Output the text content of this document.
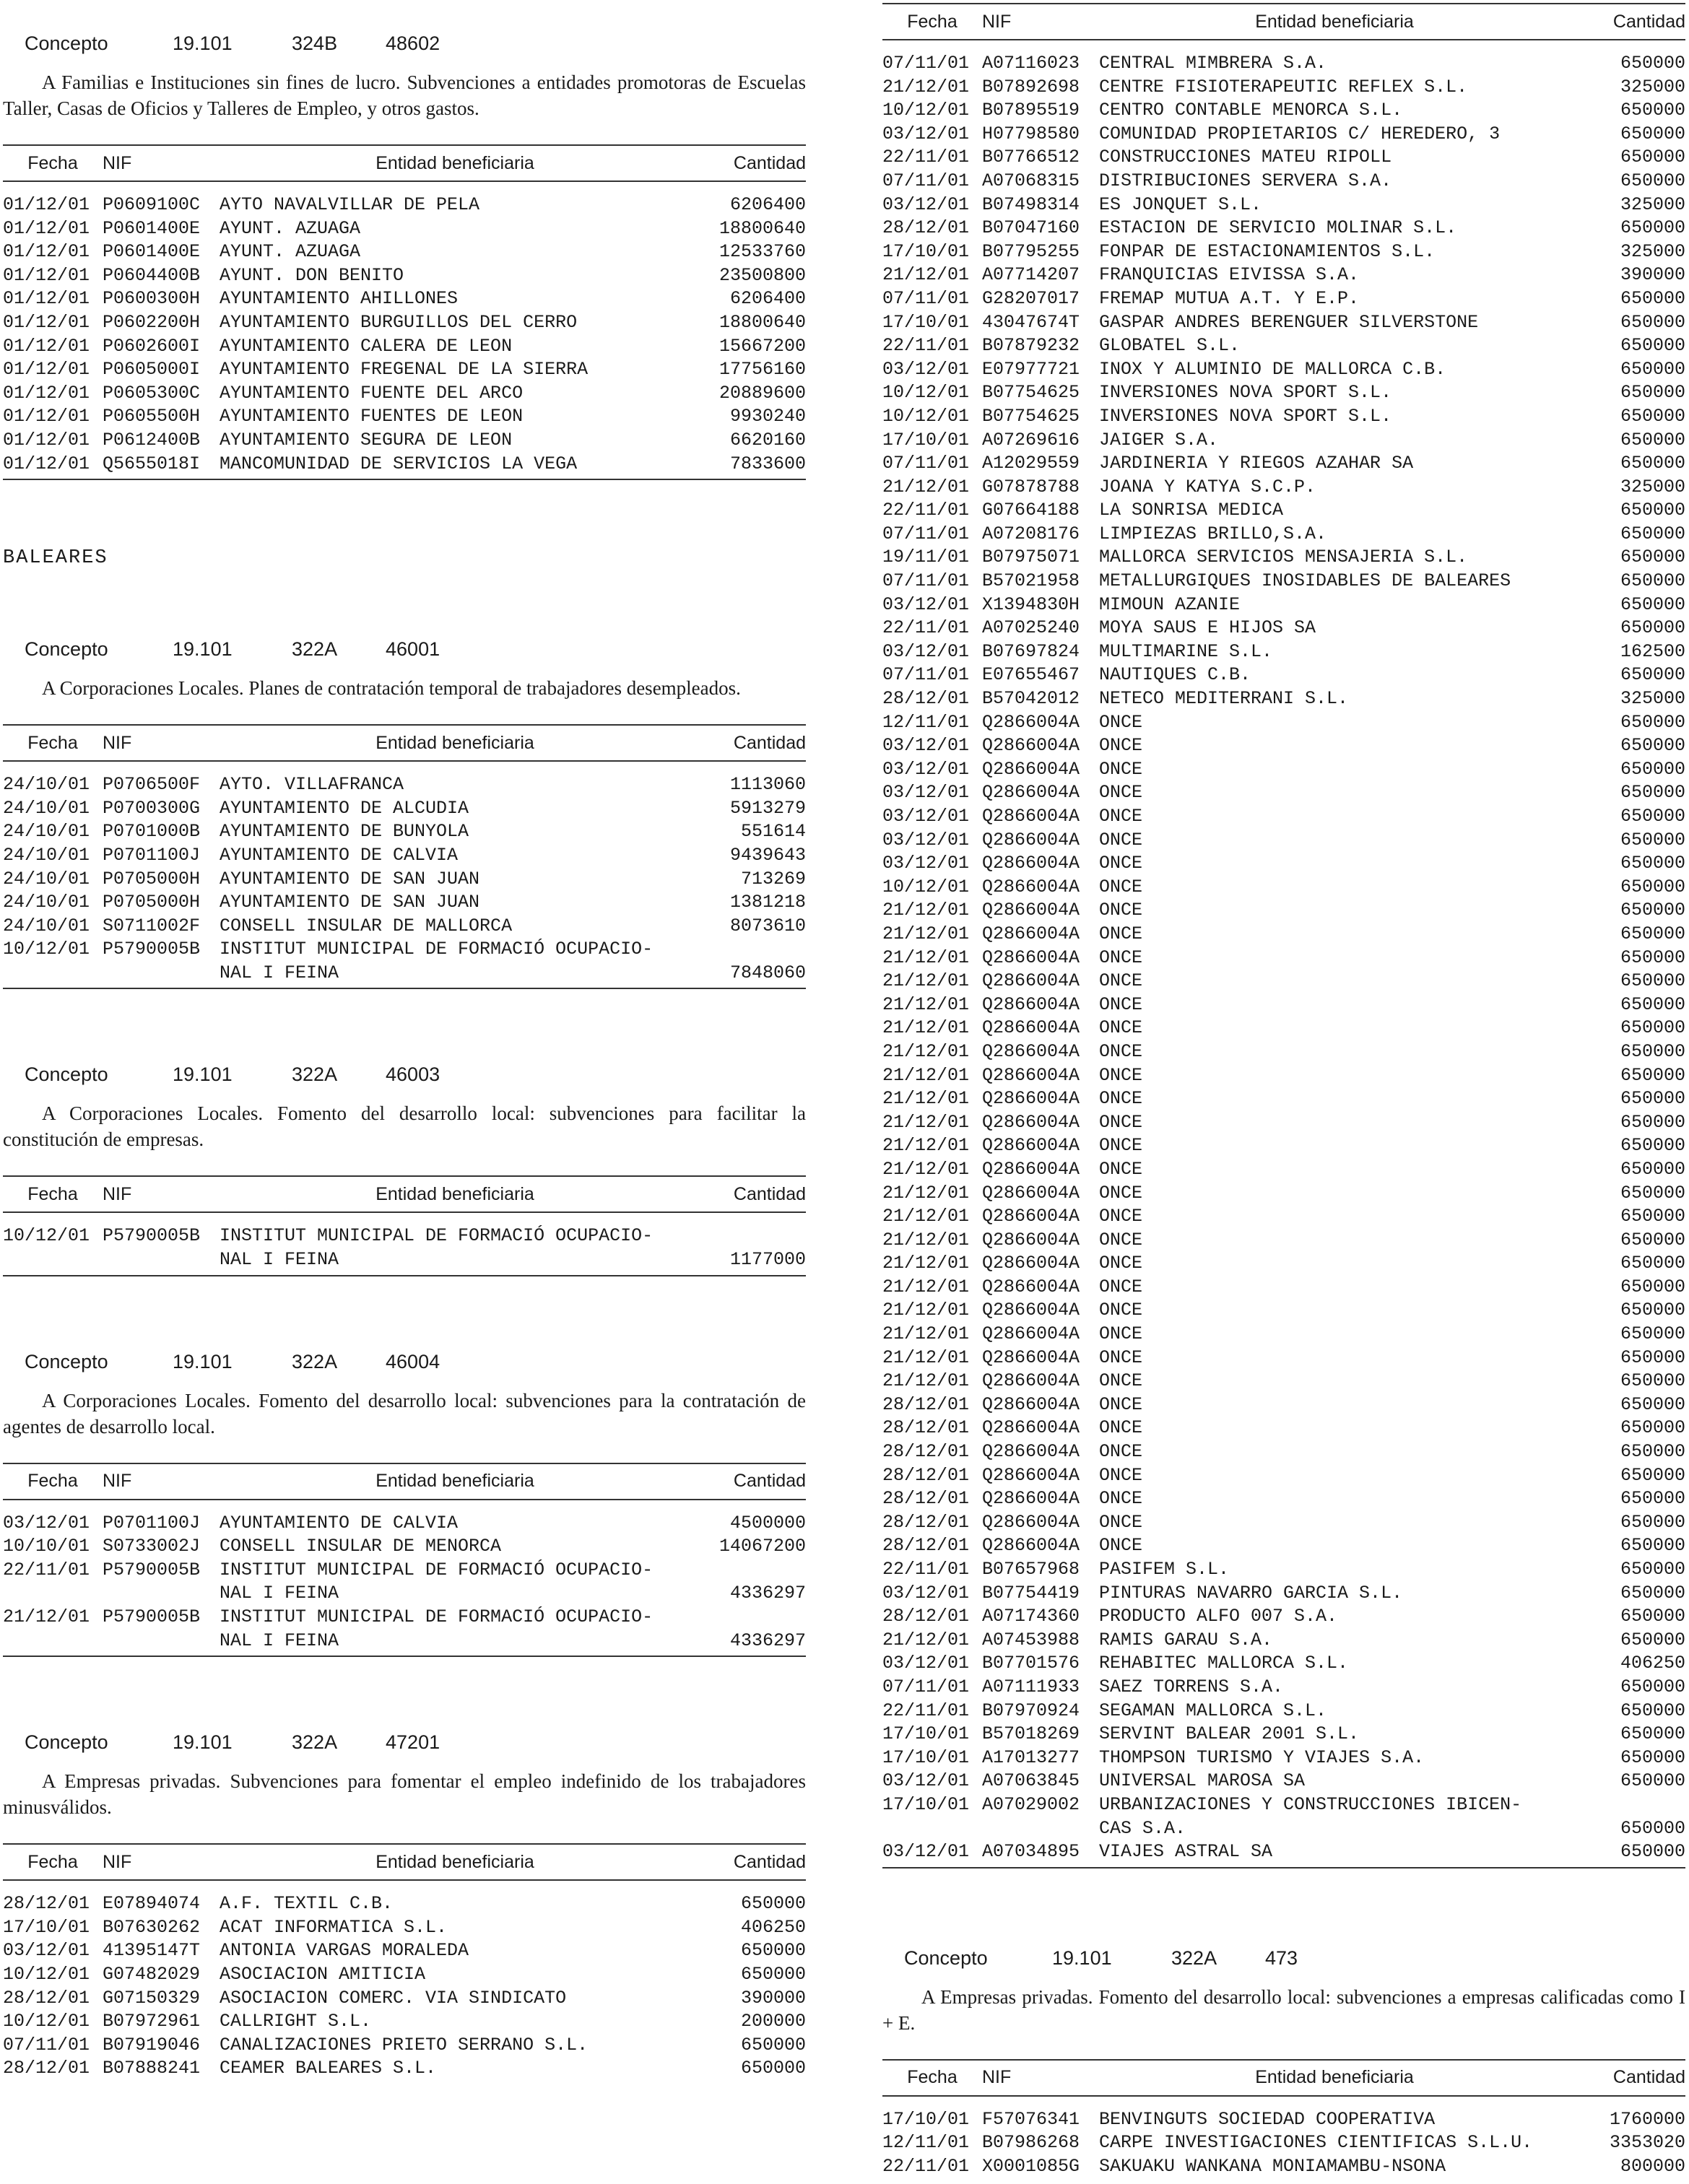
Concepto	19.101	324B 48602

A Familias e Instituciones sin fines de lucro. Subvenciones a entidades promotoras de Escuelas Taller, Casas de Oficios y Talleres de Empleo, y otros gastos.

Fecha	NIF	Entidad beneficiaria	Cantidad
01/12/01	P0609100C	AYTO NAVALVILLAR DE PELA	6206400
01/12/01	P0601400E	AYUNT. AZUAGA	18800640
01/12/01	P0601400E	AYUNT. AZUAGA	12533760
01/12/01	P0604400B	AYUNT. DON BENITO	23500800
01/12/01	P0600300H	AYUNTAMIENTO AHILLONES	6206400
01/12/01	P0602200H	AYUNTAMIENTO BURGUILLOS DEL CERRO	18800640
01/12/01	P0602600I	AYUNTAMIENTO CALERA DE LEON	15667200
01/12/01	P0605000I	AYUNTAMIENTO FREGENAL DE LA SIERRA	17756160
01/12/01	P0605300C	AYUNTAMIENTO FUENTE DEL ARCO	20889600
01/12/01	P0605500H	AYUNTAMIENTO FUENTES DE LEON	9930240
01/12/01	P0612400B	AYUNTAMIENTO SEGURA DE LEON	6620160
01/12/01	Q5655018I	MANCOMUNIDAD DE SERVICIOS LA VEGA	7833600
BALEARES

Concepto	19.101	322A 46001

A Corporaciones Locales. Planes de contratación temporal de trabajadores desempleados.

Fecha	NIF	Entidad beneficiaria	Cantidad
24/10/01	P0706500F	AYTO. VILLAFRANCA	1113060
24/10/01	P0700300G	AYUNTAMIENTO DE ALCUDIA	5913279
24/10/01	P0701000B	AYUNTAMIENTO DE BUNYOLA	551614
24/10/01	P0701100J	AYUNTAMIENTO DE CALVIA	9439643
24/10/01	P0705000H	AYUNTAMIENTO DE SAN JUAN	713269
24/10/01	P0705000H	AYUNTAMIENTO DE SAN JUAN	1381218
24/10/01	S0711002F	CONSELL INSULAR DE MALLORCA	8073610
10/12/01	P5790005B	INSTITUT MUNICIPAL DE FORMACIÓ OCUPACIO-	
		NAL I FEINA	7848060

Concepto	19.101	322A 46003

A Corporaciones Locales. Fomento del desarrollo local: subvenciones para facilitar la constitución de empresas.

Fecha	NIF	Entidad beneficiaria	Cantidad
10/12/01	P5790005B	INSTITUT MUNICIPAL DE FORMACIÓ OCUPACIO-	
		NAL I FEINA	1177000

Concepto	19.101	322A 46004

A Corporaciones Locales. Fomento del desarrollo local: subvenciones para la contratación de agentes de desarrollo local.

Fecha	NIF	Entidad beneficiaria	Cantidad
03/12/01	P0701100J	AYUNTAMIENTO DE CALVIA	4500000
10/10/01	S0733002J	CONSELL INSULAR DE MENORCA	14067200
22/11/01	P5790005B	INSTITUT MUNICIPAL DE FORMACIÓ OCUPACIO-	
		NAL I FEINA	4336297
21/12/01	P5790005B	INSTITUT MUNICIPAL DE FORMACIÓ OCUPACIO-	
		NAL I FEINA	4336297

Concepto	19.101	322A 47201

A Empresas privadas. Subvenciones para fomentar el empleo indefinido de los trabajadores minusválidos.

Fecha	NIF	Entidad beneficiaria	Cantidad
28/12/01	E07894074	A.F. TEXTIL C.B.	650000
17/10/01	B07630262	ACAT INFORMATICA S.L.	406250
03/12/01	41395147T	ANTONIA VARGAS MORALEDA	650000
10/12/01	G07482029	ASOCIACION AMITICIA	650000
28/12/01	G07150329	ASOCIACION COMERC. VIA SINDICATO	390000
10/12/01	B07972961	CALLRIGHT S.L.	200000
07/11/01	B07919046	CANALIZACIONES PRIETO SERRANO S.L.	650000
28/12/01	B07888241	CEAMER BALEARES S.L.	650000
Fecha	NIF	Entidad beneficiaria	Cantidad
07/11/01	A07116023	CENTRAL MIMBRERA S.A.	650000
21/12/01	B07892698	CENTRE FISIOTERAPEUTIC REFLEX S.L.	325000
10/12/01	B07895519	CENTRO CONTABLE MENORCA S.L.	650000
03/12/01	H07798580	COMUNIDAD PROPIETARIOS C/ HEREDERO, 3	650000
22/11/01	B07766512	CONSTRUCCIONES MATEU RIPOLL	650000
07/11/01	A07068315	DISTRIBUCIONES SERVERA S.A.	650000
03/12/01	B07498314	ES JONQUET S.L.	325000
28/12/01	B07047160	ESTACION DE SERVICIO MOLINAR S.L.	650000
17/10/01	B07795255	FONPAR DE ESTACIONAMIENTOS S.L.	325000
21/12/01	A07714207	FRANQUICIAS EIVISSA S.A.	390000
07/11/01	G28207017	FREMAP MUTUA A.T. Y E.P.	650000
17/10/01	43047674T	GASPAR ANDRES BERENGUER SILVERSTONE	650000
22/11/01	B07879232	GLOBATEL S.L.	650000
03/12/01	E07977721	INOX Y ALUMINIO DE MALLORCA C.B.	650000
10/12/01	B07754625	INVERSIONES NOVA SPORT S.L.	650000
10/12/01	B07754625	INVERSIONES NOVA SPORT S.L.	650000
17/10/01	A07269616	JAIGER S.A.	650000
07/11/01	A12029559	JARDINERIA Y RIEGOS AZAHAR SA	650000
21/12/01	G07878788	JOANA Y KATYA S.C.P.	325000
22/11/01	G07664188	LA SONRISA MEDICA	650000
07/11/01	A07208176	LIMPIEZAS BRILLO,S.A.	650000
19/11/01	B07975071	MALLORCA SERVICIOS MENSAJERIA S.L.	650000
07/11/01	B57021958	METALLURGIQUES INOSIDABLES DE BALEARES	650000
03/12/01	X1394830H	MIMOUN AZANIE	650000
22/11/01	A07025240	MOYA SAUS E HIJOS SA	650000
03/12/01	B07697824	MULTIMARINE S.L.	162500
07/11/01	E07655467	NAUTIQUES C.B.	650000
28/12/01	B57042012	NETECO MEDITERRANI S.L.	325000
12/11/01	Q2866004A	ONCE	650000
03/12/01	Q2866004A	ONCE	650000
03/12/01	Q2866004A	ONCE	650000
03/12/01	Q2866004A	ONCE	650000
03/12/01	Q2866004A	ONCE	650000
03/12/01	Q2866004A	ONCE	650000
03/12/01	Q2866004A	ONCE	650000
10/12/01	Q2866004A	ONCE	650000
21/12/01	Q2866004A	ONCE	650000
21/12/01	Q2866004A	ONCE	650000
21/12/01	Q2866004A	ONCE	650000
21/12/01	Q2866004A	ONCE	650000
21/12/01	Q2866004A	ONCE	650000
21/12/01	Q2866004A	ONCE	650000
21/12/01	Q2866004A	ONCE	650000
21/12/01	Q2866004A	ONCE	650000
21/12/01	Q2866004A	ONCE	650000
21/12/01	Q2866004A	ONCE	650000
21/12/01	Q2866004A	ONCE	650000
21/12/01	Q2866004A	ONCE	650000
21/12/01	Q2866004A	ONCE	650000
21/12/01	Q2866004A	ONCE	650000
21/12/01	Q2866004A	ONCE	650000
21/12/01	Q2866004A	ONCE	650000
21/12/01	Q2866004A	ONCE	650000
21/12/01	Q2866004A	ONCE	650000
21/12/01	Q2866004A	ONCE	650000
21/12/01	Q2866004A	ONCE	650000
21/12/01	Q2866004A	ONCE	650000
28/12/01	Q2866004A	ONCE	650000
28/12/01	Q2866004A	ONCE	650000
28/12/01	Q2866004A	ONCE	650000
28/12/01	Q2866004A	ONCE	650000
28/12/01	Q2866004A	ONCE	650000
28/12/01	Q2866004A	ONCE	650000
28/12/01	Q2866004A	ONCE	650000
22/11/01	B07657968	PASIFEM S.L.	650000
03/12/01	B07754419	PINTURAS NAVARRO GARCIA S.L.	650000
28/12/01	A07174360	PRODUCTO ALFO 007 S.A.	650000
21/12/01	A07453988	RAMIS GARAU S.A.	650000
03/12/01	B07701576	REHABITEC MALLORCA S.L.	406250
07/11/01	A07111933	SAEZ TORRENS S.A.	650000
22/11/01	B07970924	SEGAMAN MALLORCA S.L.	650000
17/10/01	B57018269	SERVINT BALEAR 2001 S.L.	650000
17/10/01	A17013277	THOMPSON TURISMO Y VIAJES S.A.	650000
03/12/01	A07063845	UNIVERSAL MAROSA SA	650000
17/10/01	A07029002	URBANIZACIONES Y CONSTRUCCIONES IBICEN-	
		CAS S.A.	650000
03/12/01	A07034895	VIAJES ASTRAL SA	650000

Concepto	19.101	322A 473

A Empresas privadas. Fomento del desarrollo local: subvenciones a empresas calificadas como I + E.

Fecha	NIF	Entidad beneficiaria	Cantidad
17/10/01	F57076341	BENVINGUTS SOCIEDAD COOPERATIVA	1760000
12/11/01	B07986268	CARPE INVESTIGACIONES CIENTIFICAS S.L.U.	3353020
22/11/01	X0001085G	SAKUAKU WANKANA MONIAMAMBU-NSONA	800000
